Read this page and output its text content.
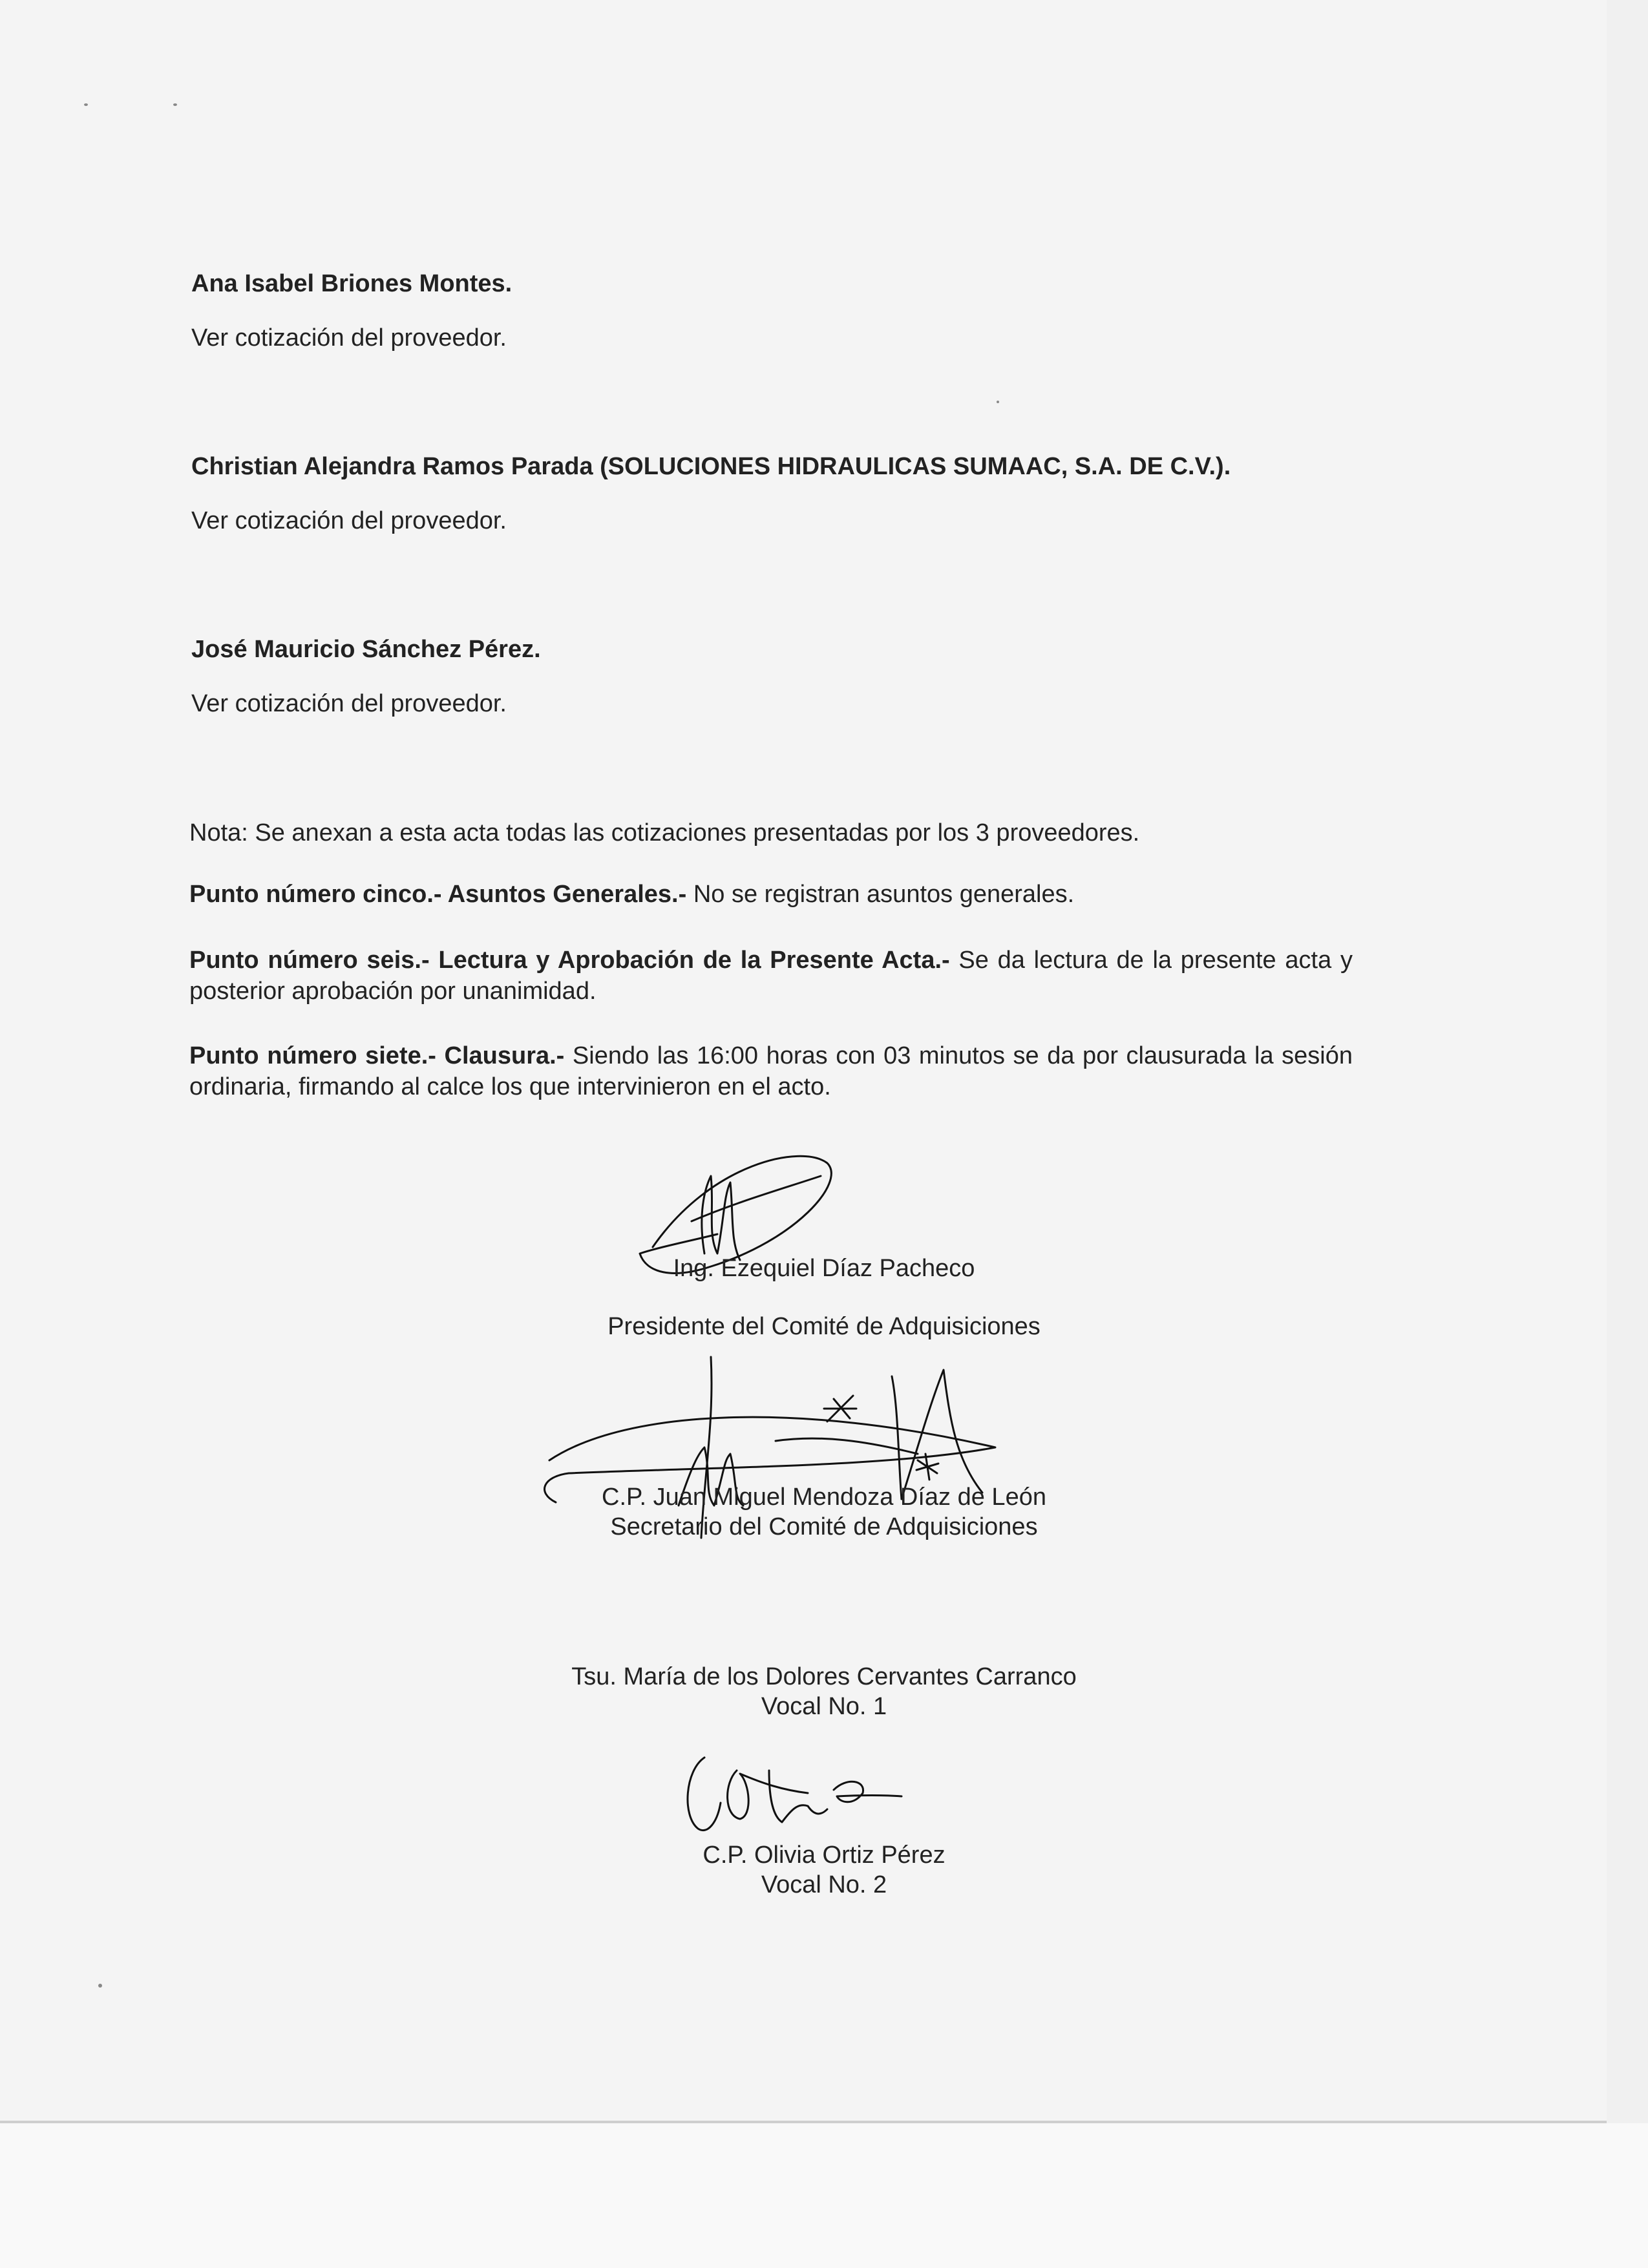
Ana Isabel Briones Montes.
Ver cotización del proveedor.
Christian Alejandra Ramos Parada (SOLUCIONES HIDRAULICAS SUMAAC, S.A. DE C.V.).
Ver cotización del proveedor.
José Mauricio Sánchez Pérez.
Ver cotización del proveedor.
Nota: Se anexan a esta acta todas las cotizaciones presentadas por los 3 proveedores.
Punto número cinco.- Asuntos Generales.- No se registran asuntos generales.
Punto número seis.- Lectura y Aprobación de la Presente Acta.- Se da lectura de la presente acta y posterior aprobación por unanimidad.
Punto número siete.- Clausura.- Siendo las 16:00 horas con 03 minutos se da por clausurada la sesión ordinaria, firmando al calce los que intervinieron en el acto.
Ing. Ezequiel Díaz Pacheco
Presidente del Comité de Adquisiciones
C.P. Juan Miguel Mendoza Díaz de León
Secretario del Comité de Adquisiciones
Tsu. María de los Dolores Cervantes Carranco
Vocal No. 1
C.P. Olivia Ortiz Pérez
Vocal No. 2
